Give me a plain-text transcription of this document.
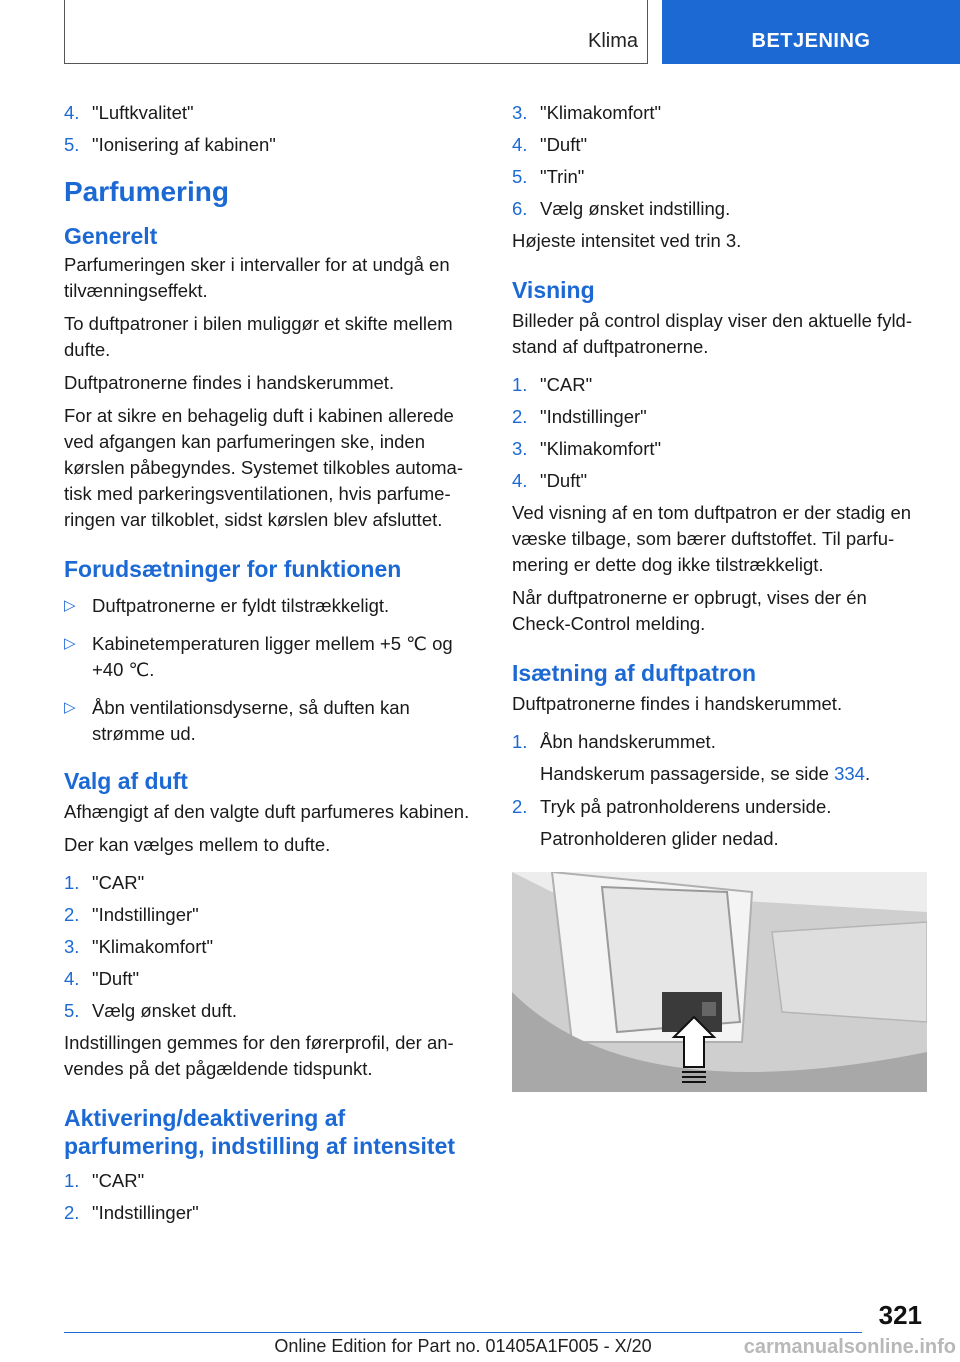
Klima	BETJENING
4. "Luftkvalitet"
5. "Ionisering af kabinen"
Parfumering
Generelt

Parfumeringen sker i intervaller for at undgå en tilvænningseffekt.

To duftpatroner i bilen muliggør et skifte mellem dufte.

Duftpatronerne findes i handskerummet.

For at sikre en behagelig duft i kabinen allerede ved afgangen kan parfumeringen ske, inden kørslen påbegyndes. Systemet tilkobles automatisk med parkeringsventilationen, hvis parfumeringen var tilkoblet, sidst kørslen blev afsluttet.

Forudsætninger for funktionen
▷ Duftpatronerne er fyldt tilstrækkeligt.
▷ Kabinetemperaturen ligger mellem +5 ℃ og +40 ℃.
▷ Åbn ventilationsdyserne, så duften kan strømme ud.
Valg af duft

Afhængigt af den valgte duft parfumeres kabinen.

Der kan vælges mellem to dufte.

1. "CAR"
2. "Indstillinger"
3. "Klimakomfort"
4. "Duft"
5. Vælg ønsket duft.

Indstillingen gemmes for den førerprofil, der anvendes på det pågældende tidspunkt.

Aktivering/deaktivering af parfumering, indstilling af intensitet
1. "CAR"
2. "Indstillinger"
3. "Klimakomfort"
4. "Duft"
5. "Trin"
6. Vælg ønsket indstilling.

Højeste intensitet ved trin 3.

Visning

Billeder på control display viser den aktuelle fyldstand af duftpatronerne.

1. "CAR"
2. "Indstillinger"
3. "Klimakomfort"
4. "Duft"

Ved visning af en tom duftpatron er der stadig en væske tilbage, som bærer duftstoffet. Til parfumering er dette dog ikke tilstrækkeligt.

Når duftpatronerne er opbrugt, vises der én Check-Control melding.

Isætning af duftpatron

Duftpatronerne findes i handskerummet.

1. Åbn handskerummet.

Handskerum passagerside, se side 334.

2. Tryk på patronholderens underside.

Patronholderen glider nedad.

321
Online Edition for Part no. 01405A1F005 - X/20	carmanualsonline.info
